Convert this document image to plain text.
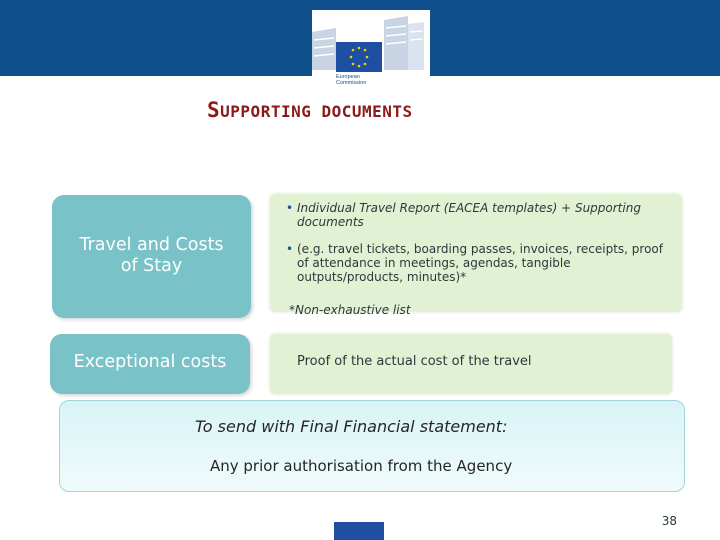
European
Commission
SUPPORTING DOCUMENTS
Travel and Costs
of Stay
• Individual Travel Report (EACEA templates) + Supporting documents
• (e.g. travel tickets, boarding passes, invoices, receipts, proof of attendance in meetings, agendas, tangible outputs/products, minutes)*
*Non-exhaustive list
Exceptional costs	Proof of the actual cost of the travel
To send with Final Financial statement:
Any prior authorisation from the Agency
38
